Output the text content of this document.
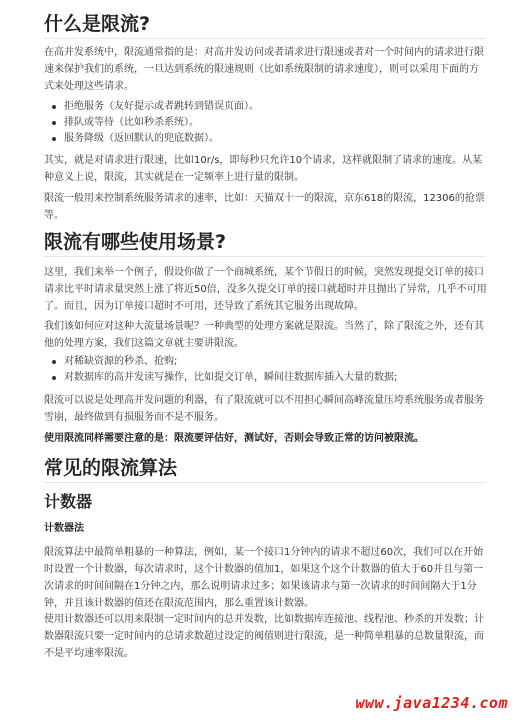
什么是限流?

在高并发系统中，限流通常指的是：对高并发访问或者请求进行限速或者对一个时间内的请求进行限速来保护我们的系统，一旦达到系统的限速规则（比如系统限制的请求速度），则可以采用下面的方式来处理这些请求。

拒绝服务（友好提示或者跳转到错误页面）。
排队或等待（比如秒杀系统）。
服务降级（返回默认的兜底数据）。

其实，就是对请求进行限速，比如10r/s，即每秒只允许10个请求，这样就限制了请求的速度。从某种意义上说，限流，其实就是在一定频率上进行量的限制。

限流一般用来控制系统服务请求的速率，比如：天猫双十一的限流，京东618的限流，12306的抢票等。

限流有哪些使用场景?

这里，我们来举一个例子，假设你做了一个商城系统，某个节假日的时候，突然发现提交订单的接口请求比平时请求量突然上涨了将近50倍，没多久提交订单的接口就超时并且抛出了异常，几乎不可用了。而且，因为订单接口超时不可用，还导致了系统其它服务出现故障。

我们该如何应对这种大流量场景呢？一种典型的处理方案就是限流。当然了，除了限流之外，还有其他的处理方案，我们这篇文章就主要讲限流。

对稀缺资源的秒杀、抢购;
对数据库的高并发读写操作，比如提交订单，瞬间往数据库插入大量的数据;

限流可以说是处理高并发问题的利器，有了限流就可以不用担心瞬间高峰流量压垮系统服务或者服务雪崩，最终做到有损服务而不是不服务。

使用限流同样需要注意的是：限流要评估好，测试好，否则会导致正常的访问被限流。

常见的限流算法
计数器
计数器法

限流算法中最简单粗暴的一种算法，例如，某一个接口1分钟内的请求不超过60次，我们可以在开始时设置一个计数器，每次请求时，这个计数器的值加1，如果这个这个计数器的值大于60并且与第一次请求的时间间隔在1分钟之内，那么说明请求过多；如果该请求与第一次请求的时间间隔大于1分钟，并且该计数器的值还在限流范围内，那么重置该计数器。

使用计数器还可以用来限制一定时间内的总并发数，比如数据库连接池、线程池、秒杀的并发数；计数器限流只要一定时间内的总请求数超过设定的阀值则进行限流，是一种简单粗暴的总数量限流，而不是平均速率限流。

www.java1234.com
